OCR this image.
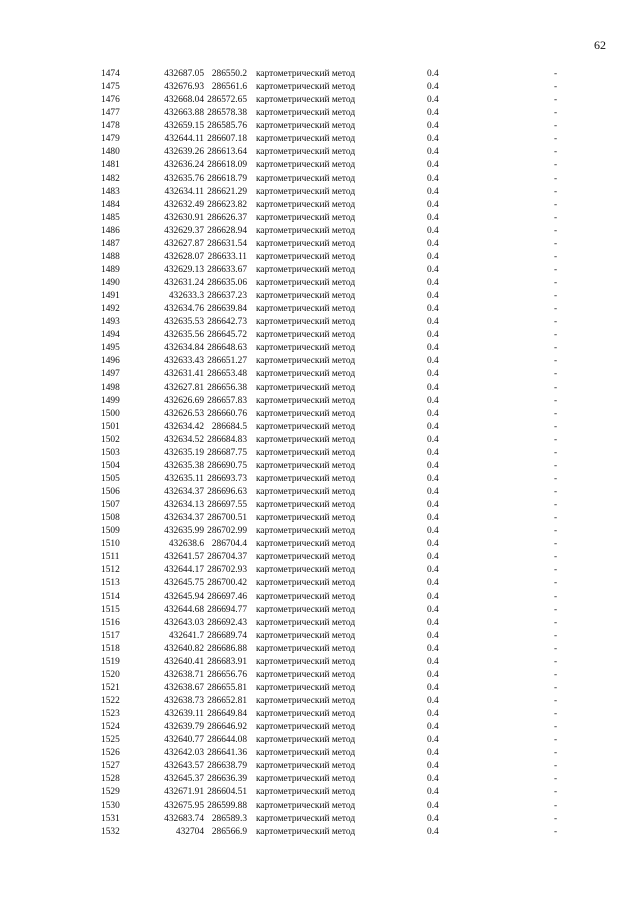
62
1474	432687.05 286550.2 картометрический метод	0.4	-
1475	432676.93 286561.6 картометрический метод	0.4	-
1476	432668.04 286572.65 картометрический метод	0.4	-
1477	432663.88 286578.38 картометрический метод	0.4	-
1478	432659.15 286585.76 картометрический метод	0.4	-
1479	432644.11 286607.18 картометрический метод	0.4	-
1480	432639.26 286613.64 картометрический метод	0.4	-
1481	432636.24 286618.09 картометрический метод	0.4	-
1482	432635.76 286618.79 картометрический метод	0.4	-
1483	432634.11 286621.29 картометрический метод	0.4	-
1484	432632.49 286623.82 картометрический метод	0.4	-
1485	432630.91 286626.37 картометрический метод	0.4	-
1486	432629.37 286628.94 картометрический метод	0.4	-
1487	432627.87 286631.54 картометрический метод	0.4	-
1488	432628.07 286633.11 картометрический метод	0.4	-
1489	432629.13 286633.67 картометрический метод	0.4	-
1490	432631.24 286635.06 картометрический метод	0.4	-
1491	432633.3 286637.23 картометрический метод	0.4	-
1492	432634.76 286639.84 картометрический метод	0.4	-
1493	432635.53 286642.73 картометрический метод	0.4	-
1494	432635.56 286645.72 картометрический метод	0.4	-
1495	432634.84 286648.63 картометрический метод	0.4	-
1496	432633.43 286651.27 картометрический метод	0.4	-
1497	432631.41 286653.48 картометрический метод	0.4	-
1498	432627.81 286656.38 картометрический метод	0.4	-
1499	432626.69 286657.83 картометрический метод	0.4	-
1500	432626.53 286660.76 картометрический метод	0.4	-
1501	432634.42 286684.5 картометрический метод	0.4	-
1502	432634.52 286684.83 картометрический метод	0.4	-
1503	432635.19 286687.75 картометрический метод	0.4	-
1504	432635.38 286690.75 картометрический метод	0.4	-
1505	432635.11 286693.73 картометрический метод	0.4	-
1506	432634.37 286696.63 картометрический метод	0.4	-
1507	432634.13 286697.55 картометрический метод	0.4	-
1508	432634.37 286700.51 картометрический метод	0.4	-
1509	432635.99 286702.99 картометрический метод	0.4	-
1510	432638.6 286704.4 картометрический метод	0.4	-
1511	432641.57 286704.37 картометрический метод	0.4	-
1512	432644.17 286702.93 картометрический метод	0.4	-
1513	432645.75 286700.42 картометрический метод	0.4	-
1514	432645.94 286697.46 картометрический метод	0.4	-
1515	432644.68 286694.77 картометрический метод	0.4	-
1516	432643.03 286692.43 картометрический метод	0.4	-
1517	432641.7 286689.74 картометрический метод	0.4	-
1518	432640.82 286686.88 картометрический метод	0.4	-
1519	432640.41 286683.91 картометрический метод	0.4	-
1520	432638.71 286656.76 картометрический метод	0.4	-
1521	432638.67 286655.81 картометрический метод	0.4	-
1522	432638.73 286652.81 картометрический метод	0.4	-
1523	432639.11 286649.84 картометрический метод	0.4	-
1524	432639.79 286646.92 картометрический метод	0.4	-
1525	432640.77 286644.08 картометрический метод	0.4	-
1526	432642.03 286641.36 картометрический метод	0.4	-
1527	432643.57 286638.79 картометрический метод	0.4	-
1528	432645.37 286636.39 картометрический метод	0.4	-
1529	432671.91 286604.51 картометрический метод	0.4	-
1530	432675.95 286599.88 картометрический метод	0.4	-
1531	432683.74 286589.3 картометрический метод	0.4	-
1532	432704 286566.9 картометрический метод	0.4	-
